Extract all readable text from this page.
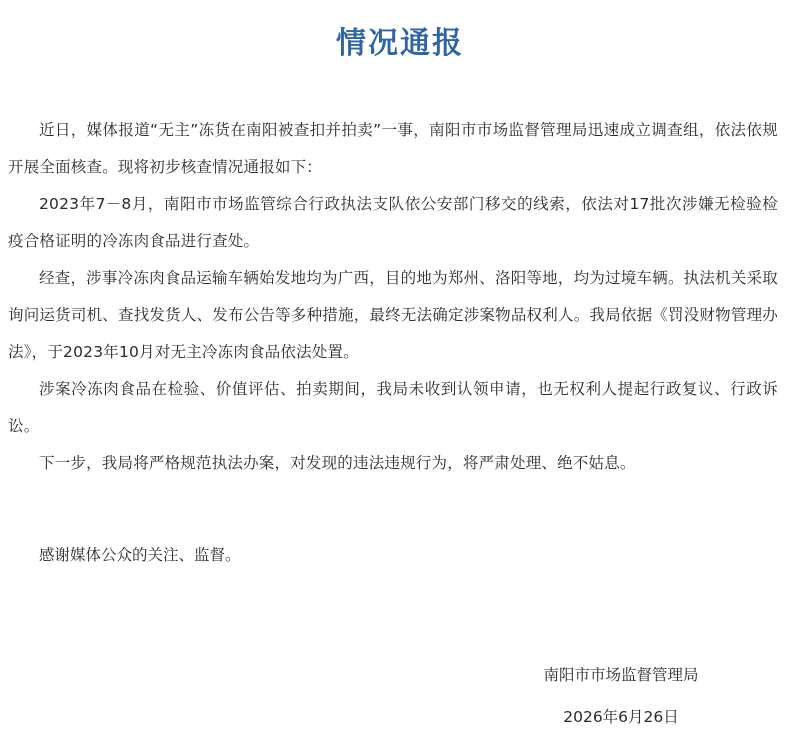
情况通报

近日，媒体报道“无主”冻货在南阳被查扣并拍卖”一事，南阳市市场监督管理局迅速成立调查组，依法依规开展全面核查。现将初步核查情况通报如下：

2023年7－8月，南阳市市场监管综合行政执法支队依公安部门移交的线索，依法对17批次涉嫌无检验检疫合格证明的冷冻肉食品进行查处。

经查，涉事冷冻肉食品运输车辆始发地均为广西，目的地为郑州、洛阳等地，均为过境车辆。执法机关采取询问运货司机、查找发货人、发布公告等多种措施，最终无法确定涉案物品权利人。我局依据《罚没财物管理办法》，于2023年10月对无主冷冻肉食品依法处置。

涉案冷冻肉食品在检验、价值评估、拍卖期间，我局未收到认领申请，也无权利人提起行政复议、行政诉讼。

下一步，我局将严格规范执法办案，对发现的违法违规行为，将严肃处理、绝不姑息。

感谢媒体公众的关注、监督。

南阳市市场监督管理局
2026年6月26日
